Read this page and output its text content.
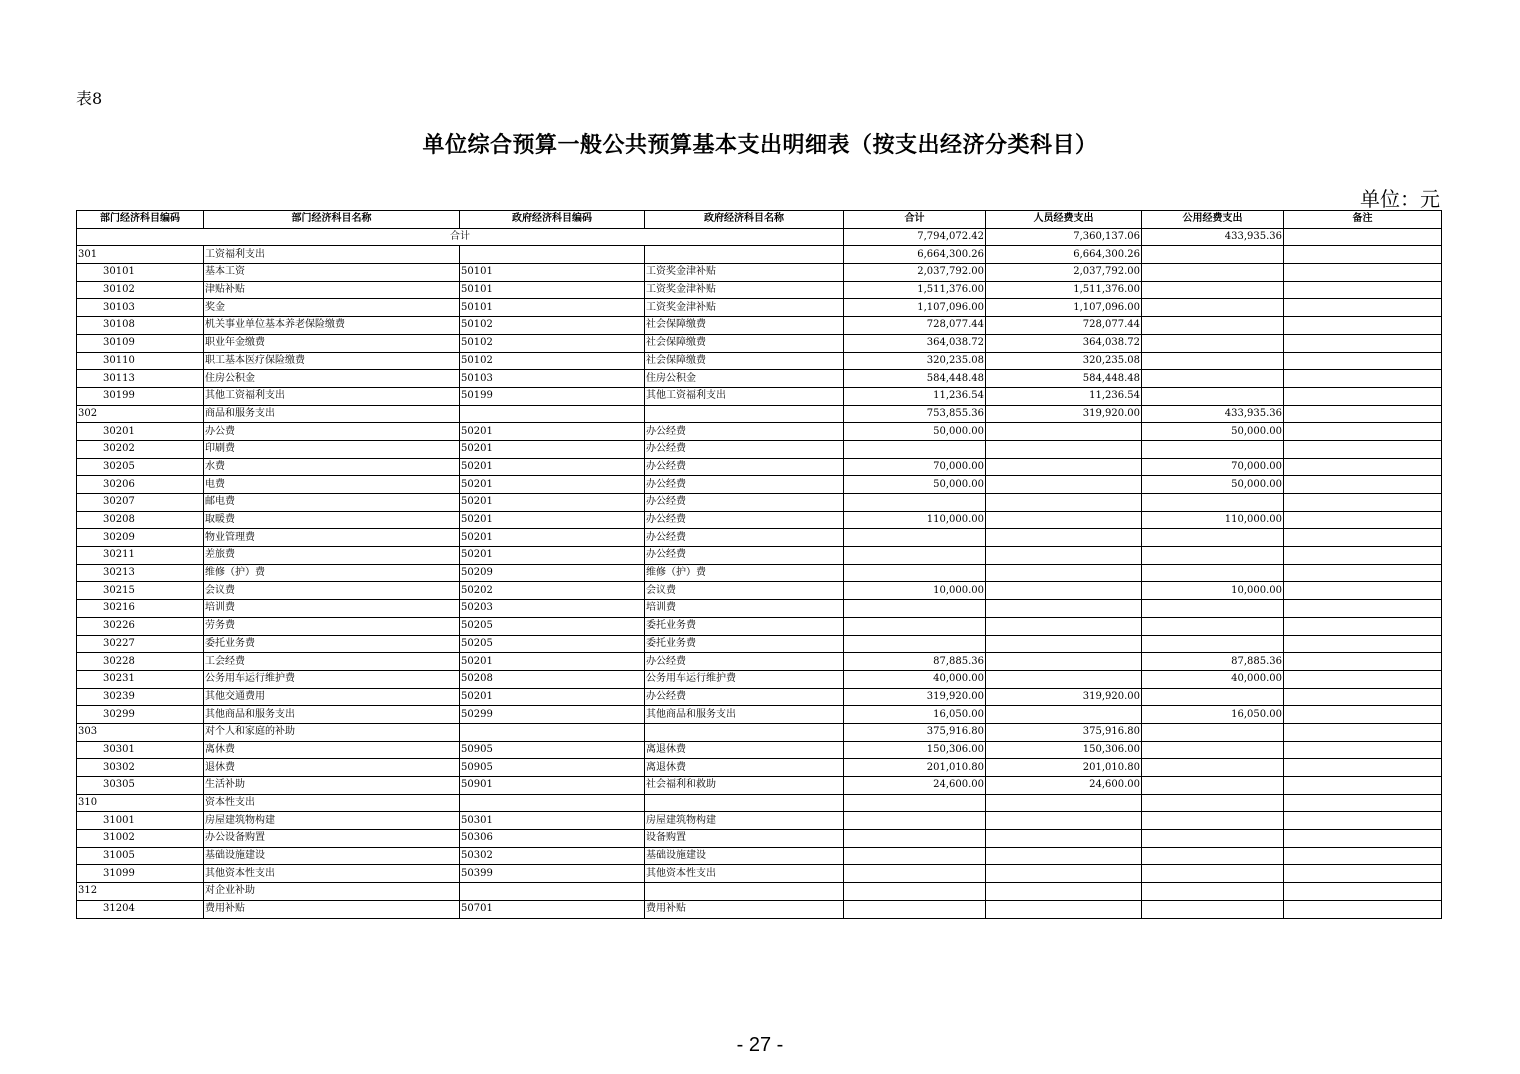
表8
单位综合预算一般公共预算基本支出明细表（按支出经济分类科目）
单位：元
部门经济科目编码	部门经济科目名称	政府经济科目编码	政府经济科目名称	合计	人员经费支出	公用经费支出	备注
合计				7,794,072.42	7,360,137.06	433,935.36	
301	工资福利支出			6,664,300.26	6,664,300.26		
30101	基本工资	50101	工资奖金津补贴	2,037,792.00	2,037,792.00		
30102	津贴补贴	50101	工资奖金津补贴	1,511,376.00	1,511,376.00		
30103	奖金	50101	工资奖金津补贴	1,107,096.00	1,107,096.00		
30108	机关事业单位基本养老保险缴费	50102	社会保障缴费	728,077.44	728,077.44		
30109	职业年金缴费	50102	社会保障缴费	364,038.72	364,038.72		
30110	职工基本医疗保险缴费	50102	社会保障缴费	320,235.08	320,235.08		
30113	住房公积金	50103	住房公积金	584,448.48	584,448.48		
30199	其他工资福利支出	50199	其他工资福利支出	11,236.54	11,236.54		
302	商品和服务支出			753,855.36	319,920.00	433,935.36	
30201	办公费	50201	办公经费	50,000.00		50,000.00	
30202	印刷费	50201	办公经费				
30205	水费	50201	办公经费	70,000.00		70,000.00	
30206	电费	50201	办公经费	50,000.00		50,000.00	
30207	邮电费	50201	办公经费				
30208	取暖费	50201	办公经费	110,000.00		110,000.00	
30209	物业管理费	50201	办公经费				
30211	差旅费	50201	办公经费				
30213	维修（护）费	50209	维修（护）费				
30215	会议费	50202	会议费	10,000.00		10,000.00	
30216	培训费	50203	培训费				
30226	劳务费	50205	委托业务费				
30227	委托业务费	50205	委托业务费				
30228	工会经费	50201	办公经费	87,885.36		87,885.36	
30231	公务用车运行维护费	50208	公务用车运行维护费	40,000.00		40,000.00	
30239	其他交通费用	50201	办公经费	319,920.00	319,920.00		
30299	其他商品和服务支出	50299	其他商品和服务支出	16,050.00		16,050.00	
303	对个人和家庭的补助			375,916.80	375,916.80		
30301	离休费	50905	离退休费	150,306.00	150,306.00		
30302	退休费	50905	离退休费	201,010.80	201,010.80		
30305	生活补助	50901	社会福利和救助	24,600.00	24,600.00		
310	资本性支出						
31001	房屋建筑物构建	50301	房屋建筑物构建				
31002	办公设备购置	50306	设备购置				
31005	基础设施建设	50302	基础设施建设				
31099	其他资本性支出	50399	其他资本性支出				
312	对企业补助						
31204	费用补贴	50701	费用补贴				
- 27 -
